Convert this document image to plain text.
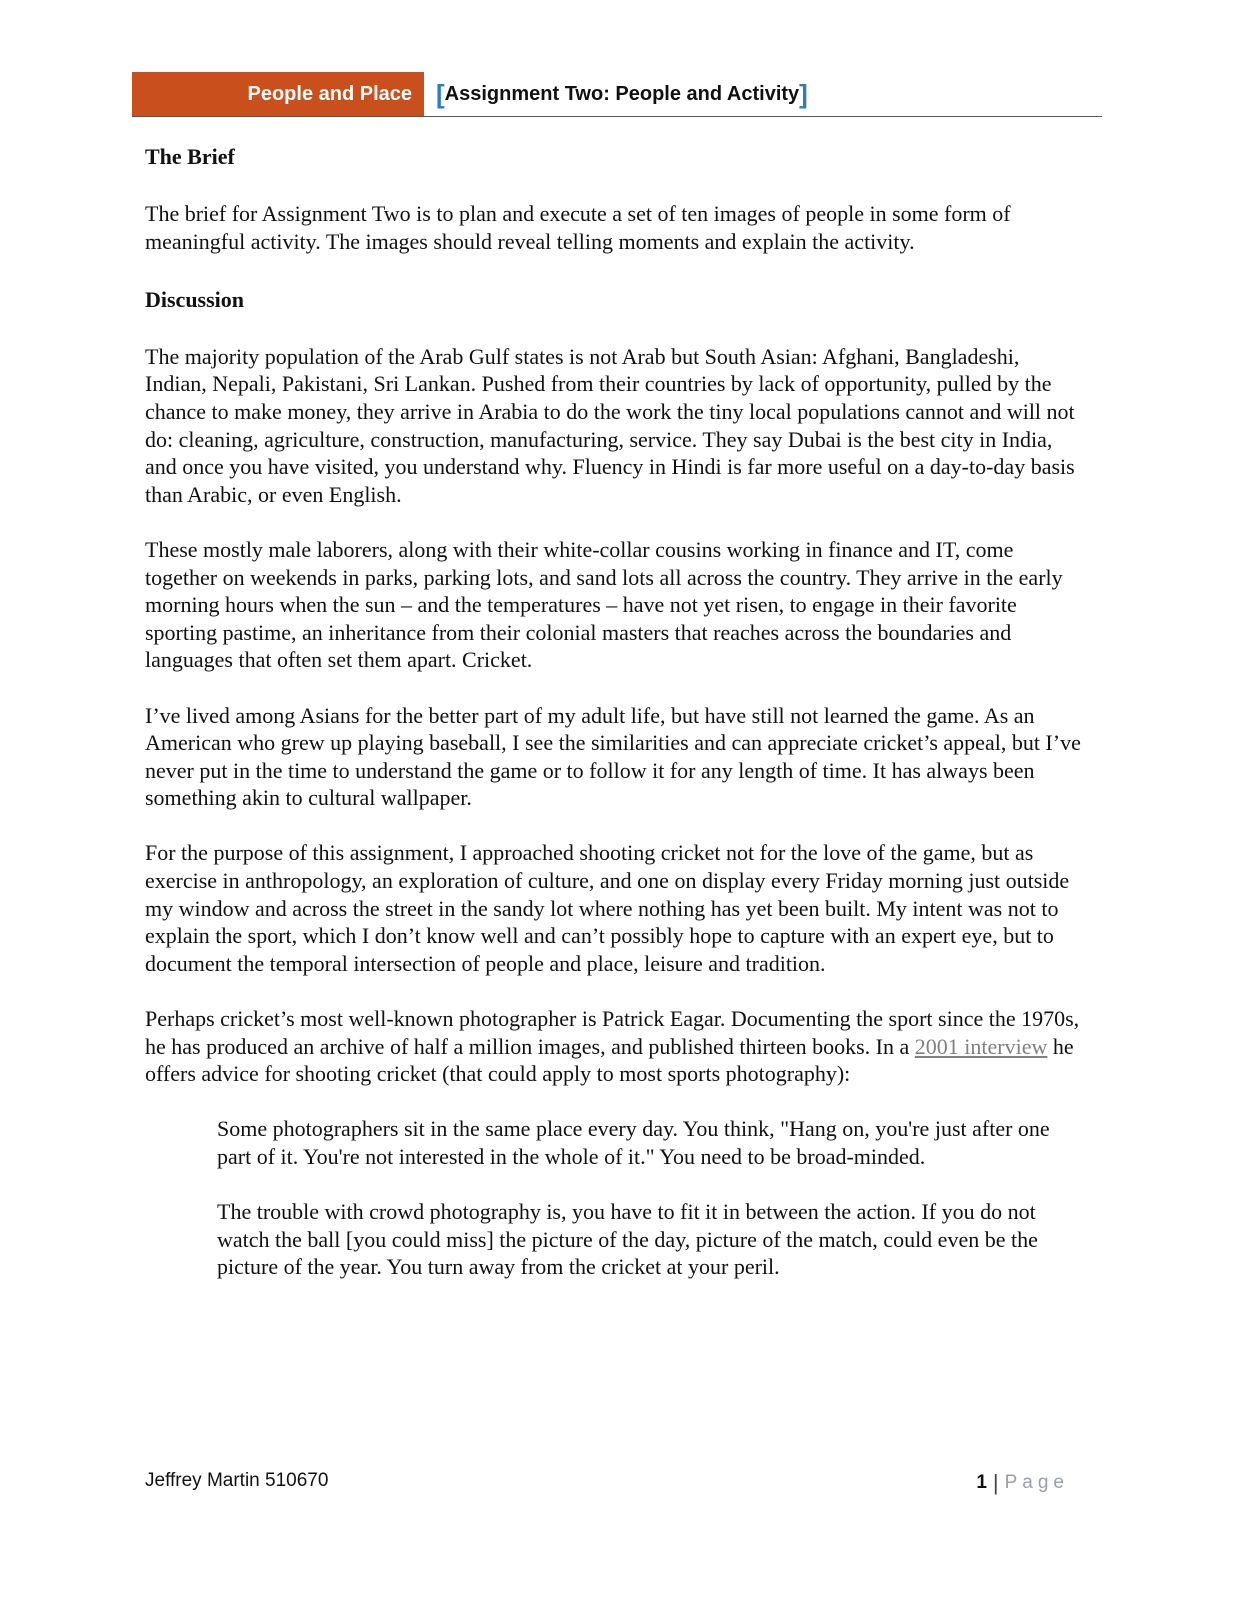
People and Place [ Assignment Two: People and Activity ]
The Brief

The brief for Assignment Two is to plan and execute a set of ten images of people in some form of meaningful activity. The images should reveal telling moments and explain the activity.

Discussion

The majority population of the Arab Gulf states is not Arab but South Asian: Afghani, Bangladeshi, Indian, Nepali, Pakistani, Sri Lankan. Pushed from their countries by lack of opportunity, pulled by the chance to make money, they arrive in Arabia to do the work the tiny local populations cannot and will not do: cleaning, agriculture, construction, manufacturing, service. They say Dubai is the best city in India, and once you have visited, you understand why. Fluency in Hindi is far more useful on a day-to-day basis than Arabic, or even English.

These mostly male laborers, along with their white-collar cousins working in finance and IT, come together on weekends in parks, parking lots, and sand lots all across the country. They arrive in the early morning hours when the sun – and the temperatures – have not yet risen, to engage in their favorite sporting pastime, an inheritance from their colonial masters that reaches across the boundaries and languages that often set them apart. Cricket.

I’ve lived among Asians for the better part of my adult life, but have still not learned the game. As an American who grew up playing baseball, I see the similarities and can appreciate cricket’s appeal, but I’ve never put in the time to understand the game or to follow it for any length of time. It has always been something akin to cultural wallpaper.

For the purpose of this assignment, I approached shooting cricket not for the love of the game, but as exercise in anthropology, an exploration of culture, and one on display every Friday morning just outside my window and across the street in the sandy lot where nothing has yet been built. My intent was not to explain the sport, which I don’t know well and can’t possibly hope to capture with an expert eye, but to document the temporal intersection of people and place, leisure and tradition.

Perhaps cricket’s most well-known photographer is Patrick Eagar. Documenting the sport since the 1970s, he has produced an archive of half a million images, and published thirteen books. In a 2001 interview he offers advice for shooting cricket (that could apply to most sports photography):

Some photographers sit in the same place every day. You think, "Hang on, you're just after one part of it. You're not interested in the whole of it." You need to be broad-minded.
The trouble with crowd photography is, you have to fit it in between the action. If you do not watch the ball [you could miss] the picture of the day, picture of the match, could even be the picture of the year. You turn away from the cricket at your peril.
Jeffrey Martin 510670	1 | Page
